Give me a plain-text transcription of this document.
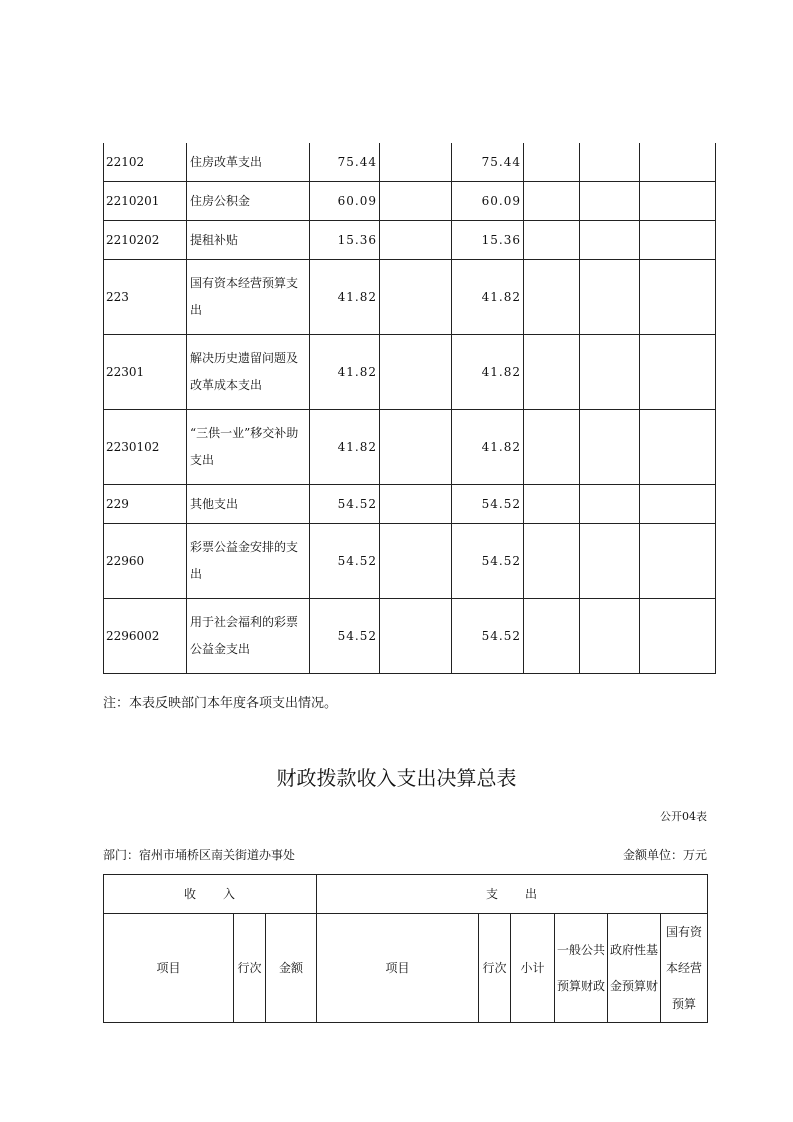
22102	住房改革支出	75.44		75.44			
2210201	住房公积金	60.09		60.09			
2210202	提租补贴	15.36		15.36			
223	国有资本经营预算支出	41.82		41.82			
22301	解决历史遗留问题及改革成本支出	41.82		41.82			
2230102	“三供一业”移交补助支出	41.82		41.82			
229	其他支出	54.52		54.52			
22960	彩票公益金安排的支出	54.52		54.52			
2296002	用于社会福利的彩票公益金支出	54.52		54.52			
注：本表反映部门本年度各项支出情况。
财政拨款收入支出决算总表
公开04表
部门：宿州市埇桥区南关街道办事处	金额单位：万元
收　　入			支　　出					
项目	行次	金额	项目	行次	小计	一般公共预算财政	政府性基金预算财	国有资本经营预算
